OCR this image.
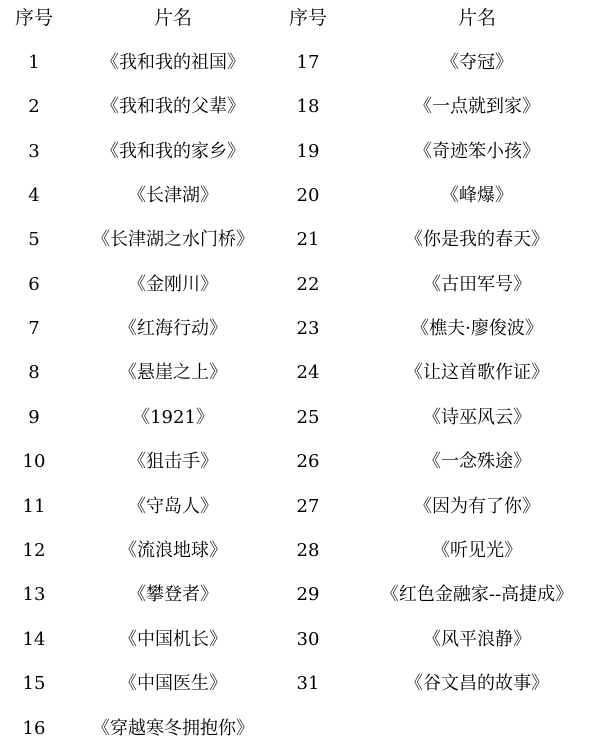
序号	片名	序号	片名
1	《我和我的祖国》	17	《夺冠》
2	《我和我的父辈》	18	《一点就到家》
3	《我和我的家乡》	19	《奇迹笨小孩》
4	《长津湖》	20	《峰爆》
5	《长津湖之水门桥》	21	《你是我的春天》
6	《金刚川》	22	《古田军号》
7	《红海行动》	23	《樵夫·廖俊波》
8	《悬崖之上》	24	《让这首歌作证》
9	《1921》	25	《诗巫风云》
10	《狙击手》	26	《一念殊途》
11	《守岛人》	27	《因为有了你》
12	《流浪地球》	28	《听见光》
13	《攀登者》	29	《红色金融家--高捷成》
14	《中国机长》	30	《风平浪静》
15	《中国医生》	31	《谷文昌的故事》
16	《穿越寒冬拥抱你》
